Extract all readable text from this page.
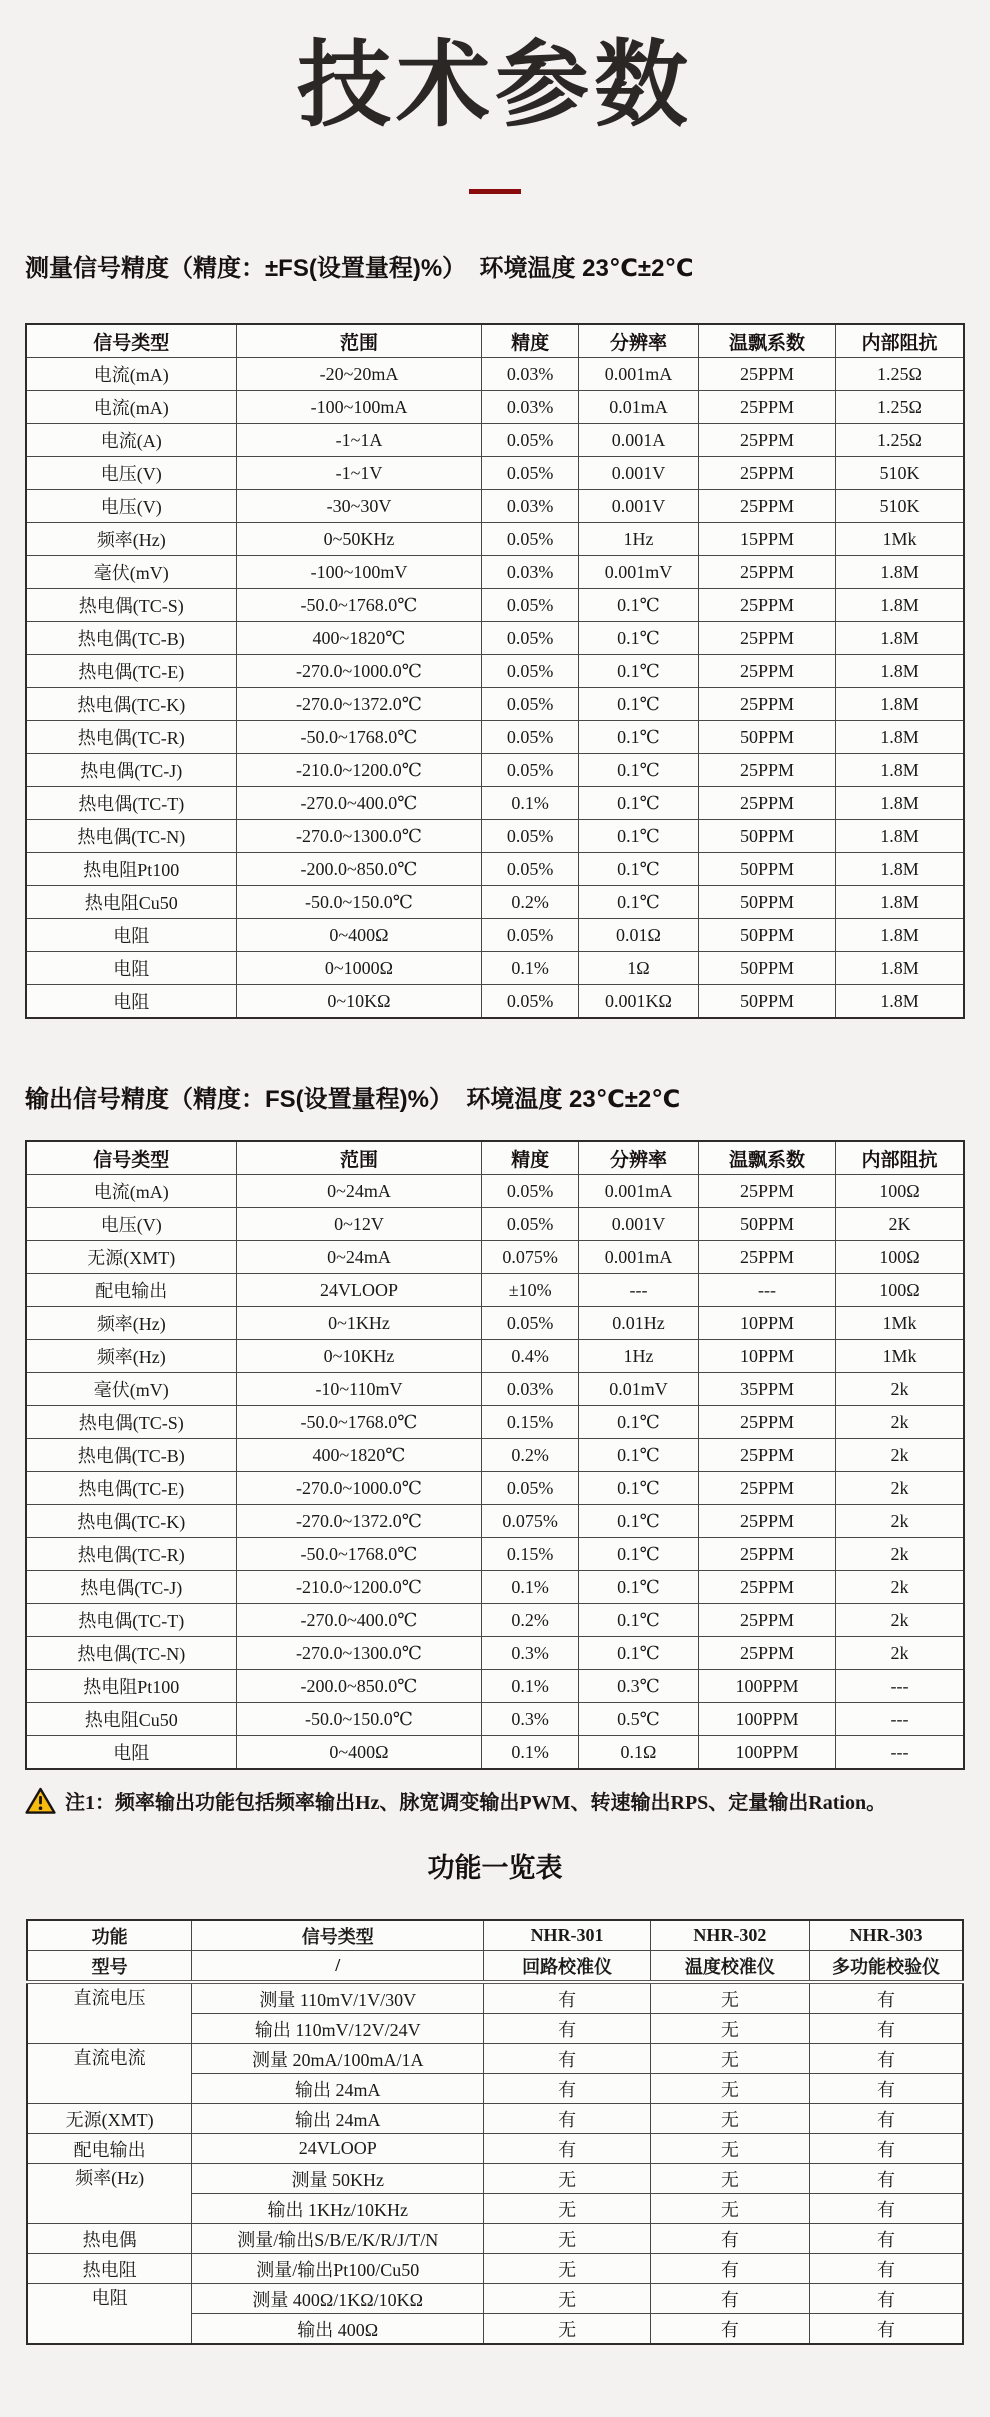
技术参数
测量信号精度（精度：±FS(设置量程)%）  环境温度 23℃±2℃
信号类型	范围	精度	分辨率	温飘系数	内部阻抗
电流(mA)	-20~20mA	0.03%	0.001mA	25PPM	1.25Ω
电流(mA)	-100~100mA	0.03%	0.01mA	25PPM	1.25Ω
电流(A)	-1~1A	0.05%	0.001A	25PPM	1.25Ω
电压(V)	-1~1V	0.05%	0.001V	25PPM	510K
电压(V)	-30~30V	0.03%	0.001V	25PPM	510K
频率(Hz)	0~50KHz	0.05%	1Hz	15PPM	1Mk
毫伏(mV)	-100~100mV	0.03%	0.001mV	25PPM	1.8M
热电偶(TC-S)	-50.0~1768.0℃	0.05%	0.1℃	25PPM	1.8M
热电偶(TC-B)	400~1820℃	0.05%	0.1℃	25PPM	1.8M
热电偶(TC-E)	-270.0~1000.0℃	0.05%	0.1℃	25PPM	1.8M
热电偶(TC-K)	-270.0~1372.0℃	0.05%	0.1℃	25PPM	1.8M
热电偶(TC-R)	-50.0~1768.0℃	0.05%	0.1℃	50PPM	1.8M
热电偶(TC-J)	-210.0~1200.0℃	0.05%	0.1℃	25PPM	1.8M
热电偶(TC-T)	-270.0~400.0℃	0.1%	0.1℃	25PPM	1.8M
热电偶(TC-N)	-270.0~1300.0℃	0.05%	0.1℃	50PPM	1.8M
热电阻Pt100	-200.0~850.0℃	0.05%	0.1℃	50PPM	1.8M
热电阻Cu50	-50.0~150.0℃	0.2%	0.1℃	50PPM	1.8M
电阻	0~400Ω	0.05%	0.01Ω	50PPM	1.8M
电阻	0~1000Ω	0.1%	1Ω	50PPM	1.8M
电阻	0~10KΩ	0.05%	0.001KΩ	50PPM	1.8M
输出信号精度（精度：FS(设置量程)%）  环境温度 23℃±2℃
信号类型	范围	精度	分辨率	温飘系数	内部阻抗
电流(mA)	0~24mA	0.05%	0.001mA	25PPM	100Ω
电压(V)	0~12V	0.05%	0.001V	50PPM	2K
无源(XMT)	0~24mA	0.075%	0.001mA	25PPM	100Ω
配电输出	24VLOOP	±10%	---	---	100Ω
频率(Hz)	0~1KHz	0.05%	0.01Hz	10PPM	1Mk
频率(Hz)	0~10KHz	0.4%	1Hz	10PPM	1Mk
毫伏(mV)	-10~110mV	0.03%	0.01mV	35PPM	2k
热电偶(TC-S)	-50.0~1768.0℃	0.15%	0.1℃	25PPM	2k
热电偶(TC-B)	400~1820℃	0.2%	0.1℃	25PPM	2k
热电偶(TC-E)	-270.0~1000.0℃	0.05%	0.1℃	25PPM	2k
热电偶(TC-K)	-270.0~1372.0℃	0.075%	0.1℃	25PPM	2k
热电偶(TC-R)	-50.0~1768.0℃	0.15%	0.1℃	25PPM	2k
热电偶(TC-J)	-210.0~1200.0℃	0.1%	0.1℃	25PPM	2k
热电偶(TC-T)	-270.0~400.0℃	0.2%	0.1℃	25PPM	2k
热电偶(TC-N)	-270.0~1300.0℃	0.3%	0.1℃	25PPM	2k
热电阻Pt100	-200.0~850.0℃	0.1%	0.3℃	100PPM	---
热电阻Cu50	-50.0~150.0℃	0.3%	0.5℃	100PPM	---
电阻	0~400Ω	0.1%	0.1Ω	100PPM	---
注1：频率输出功能包括频率输出Hz、脉宽调变输出PWM、转速输出RPS、定量输出Ration。
功能一览表
功能	信号类型	NHR-301	NHR-302	NHR-303
型号	/	回路校准仪	温度校准仪	多功能校验仪
直流电压	测量 110mV/1V/30V	有	无	有
	输出 110mV/12V/24V	有	无	有
直流电流	测量 20mA/100mA/1A	有	无	有
	输出 24mA	有	无	有
无源(XMT)	输出 24mA	有	无	有
配电输出	24VLOOP	有	无	有
频率(Hz)	测量 50KHz	无	无	有
	输出 1KHz/10KHz	无	无	有
热电偶	测量/输出S/B/E/K/R/J/T/N	无	有	有
热电阻	测量/输出Pt100/Cu50	无	有	有
电阻	测量 400Ω/1KΩ/10KΩ	无	有	有
	输出 400Ω	无	有	有
